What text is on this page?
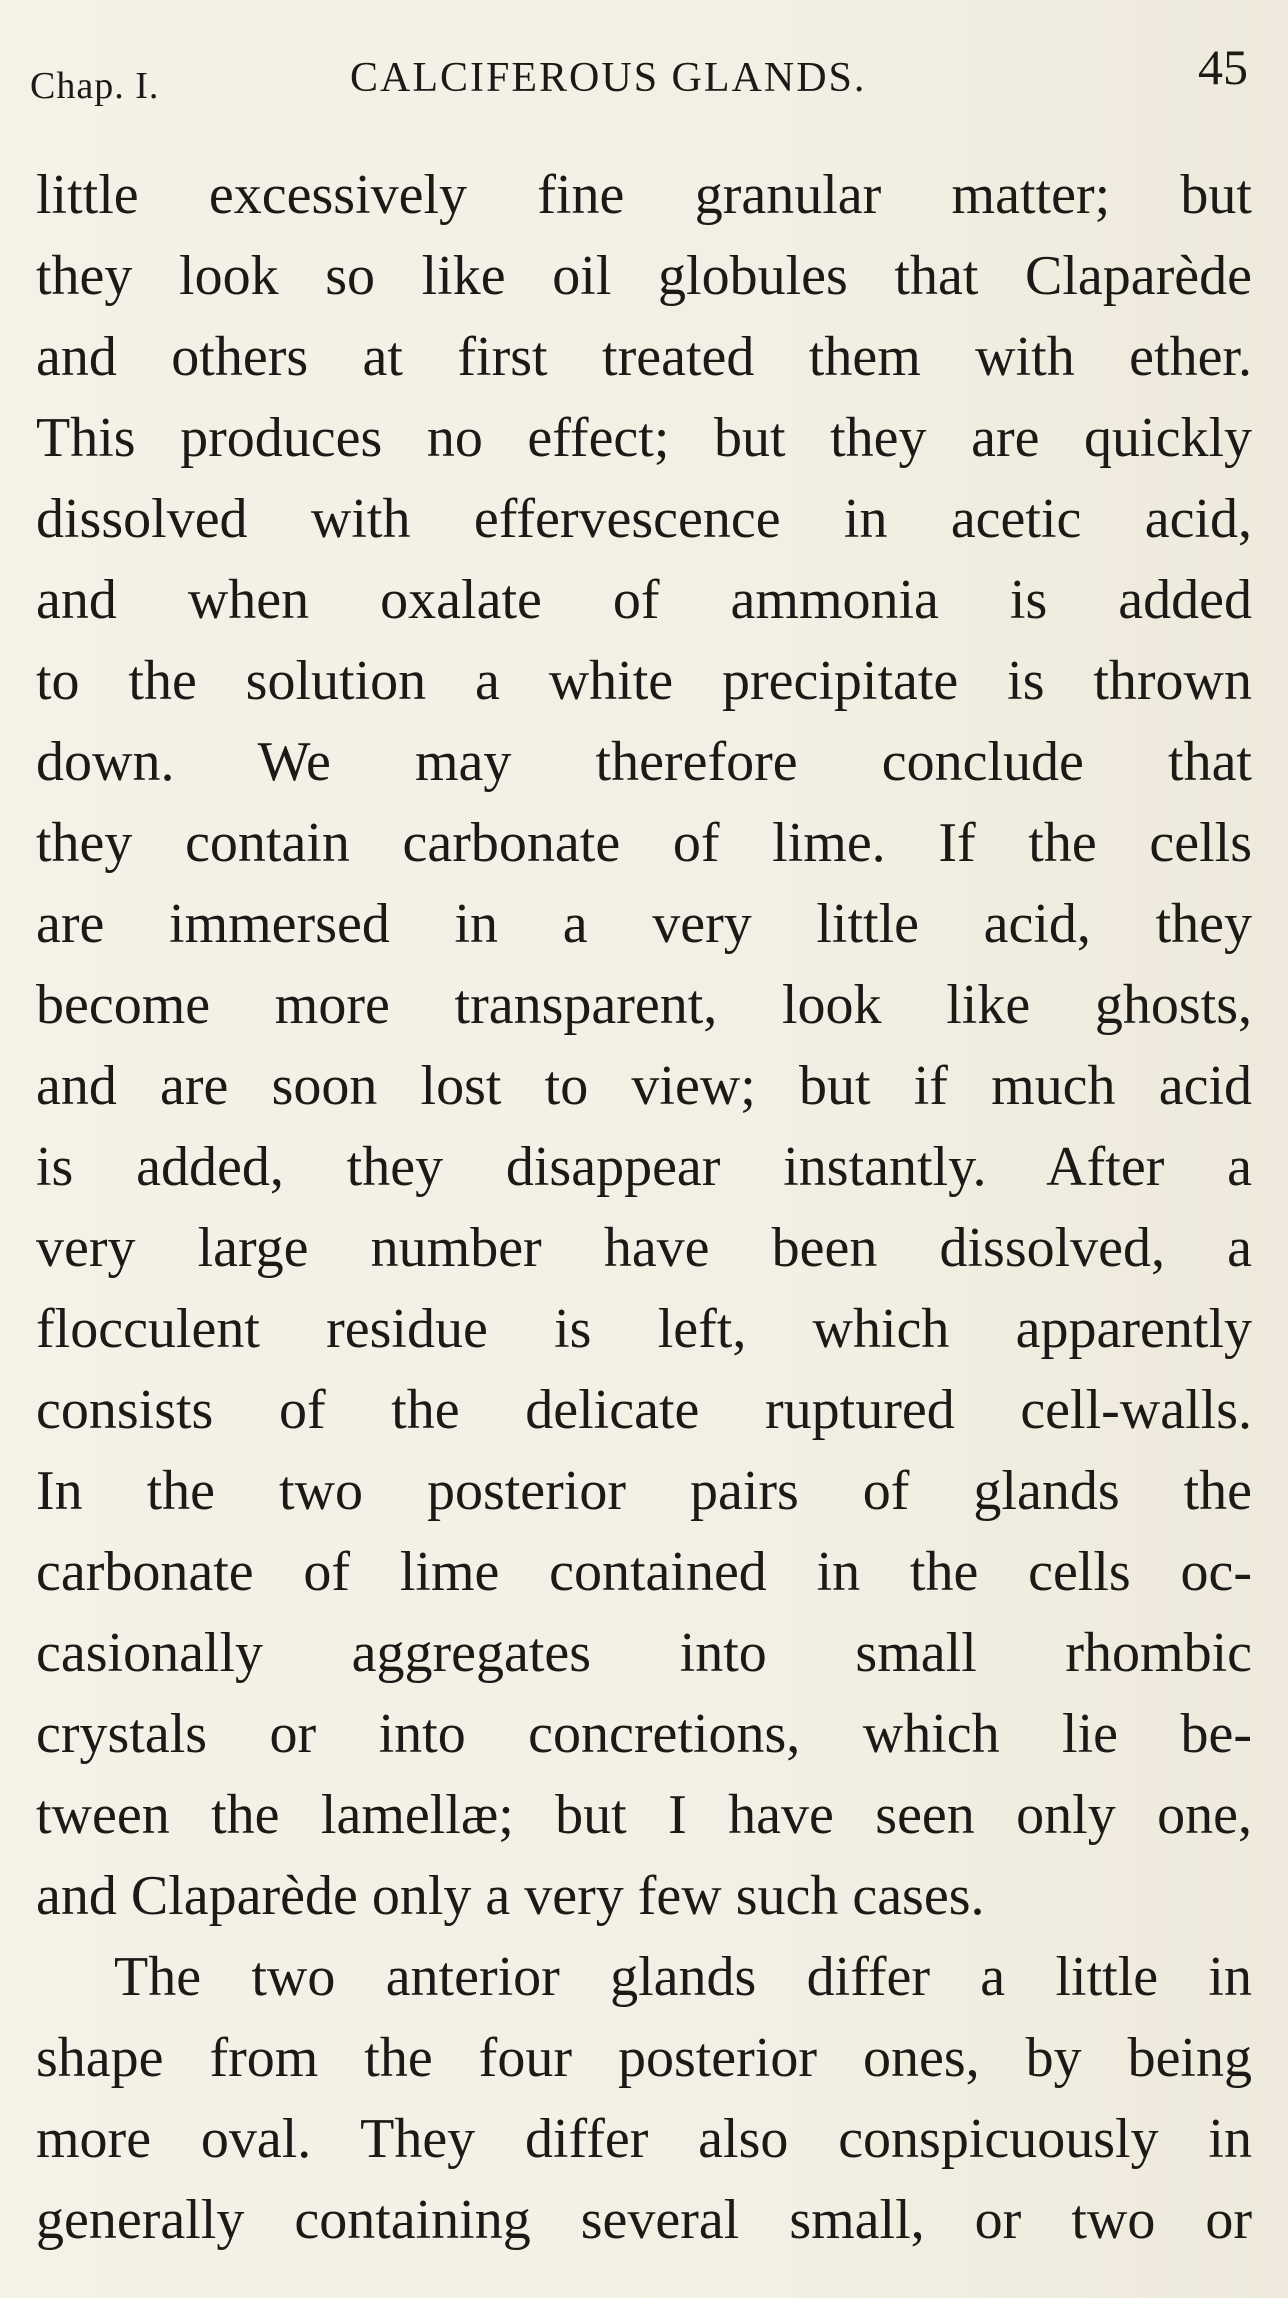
Chap. I.	CALCIFEROUS GLANDS.	45
little excessively fine granular matter; but
they look so like oil globules that Claparède
and others at first treated them with ether.
This produces no effect; but they are quickly
dissolved with effervescence in acetic acid,
and when oxalate of ammonia is added
to the solution a white precipitate is thrown
down. We may therefore conclude that
they contain carbonate of lime. If the cells
are immersed in a very little acid, they
become more transparent, look like ghosts,
and are soon lost to view; but if much acid
is added, they disappear instantly. After a
very large number have been dissolved, a
flocculent residue is left, which apparently
consists of the delicate ruptured cell-walls.
In the two posterior pairs of glands the
carbonate of lime contained in the cells oc-
casionally aggregates into small rhombic
crystals or into concretions, which lie be-
tween the lamellæ; but I have seen only one,
and Claparède only a very few such cases.
The two anterior glands differ a little in
shape from the four posterior ones, by being
more oval. They differ also conspicuously in
generally containing several small, or two or
